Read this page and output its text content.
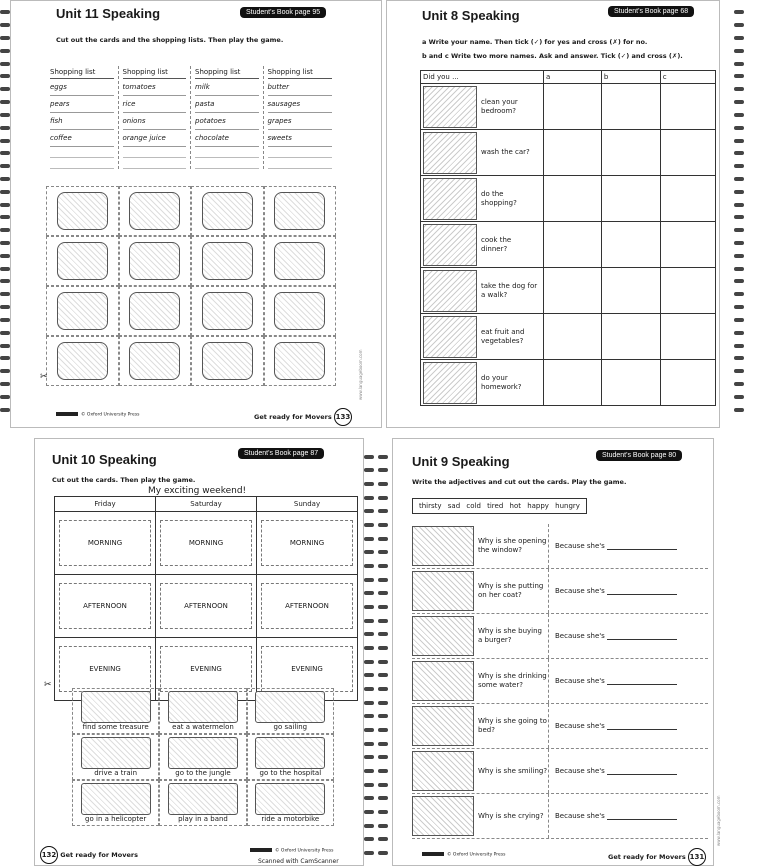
Unit 11 Speaking	Student's Book page 95
Cut out the cards and the shopping lists. Then play the game.
Shopping list
eggs
pears
fish
coffee
Shopping list
tomatoes
rice
onions
orange juice
Shopping list
milk
pasta
potatoes
chocolate
Shopping list
butter
sausages
grapes
sweets
✂
© Oxford University Press	Get ready for Movers 133
www.languageboom.com
Unit 8 Speaking	Student's Book page 68
a Write your name. Then tick (✓) for yes and cross (✗) for no.
b and c Write two more names. Ask and answer. Tick (✓) and cross (✗).
Did you ...	a	b	c
clean your bedroom?			
wash the car?			
do the shopping?			
cook the dinner?			
take the dog for a walk?			
eat fruit and vegetables?			
do your homework?			
Unit 10 Speaking	Student's Book page 87
Cut out the cards. Then play the game.
My exciting weekend!
Friday	Saturday	Sunday

MORNING	MORNING	MORNING

AFTERNOON	AFTERNOON	AFTERNOON

EVENING	EVENING	EVENING
✂
find some treasure	eat a watermelon	go sailing
drive a train	go to the jungle	go to the hospital
go in a helicopter	play in a band	ride a motorbike
132 Get ready for Movers	© Oxford University Press
Scanned with CamScanner
Unit 9 Speaking	Student's Book page 80
Write the adjectives and cut out the cards. Play the game.
thirsty sad cold tired hot happy hungry
Why is she opening the window?	Because she's
Why is she putting on her coat?	Because she's
Why is she buying a burger?	Because she's
Why is she drinking some water?	Because she's
Why is she going to bed?	Because she's
Why is she smiling? Because she's
Why is she crying?	Because she's
© Oxford University Press	Get ready for Movers 131
www.languageboom.com
